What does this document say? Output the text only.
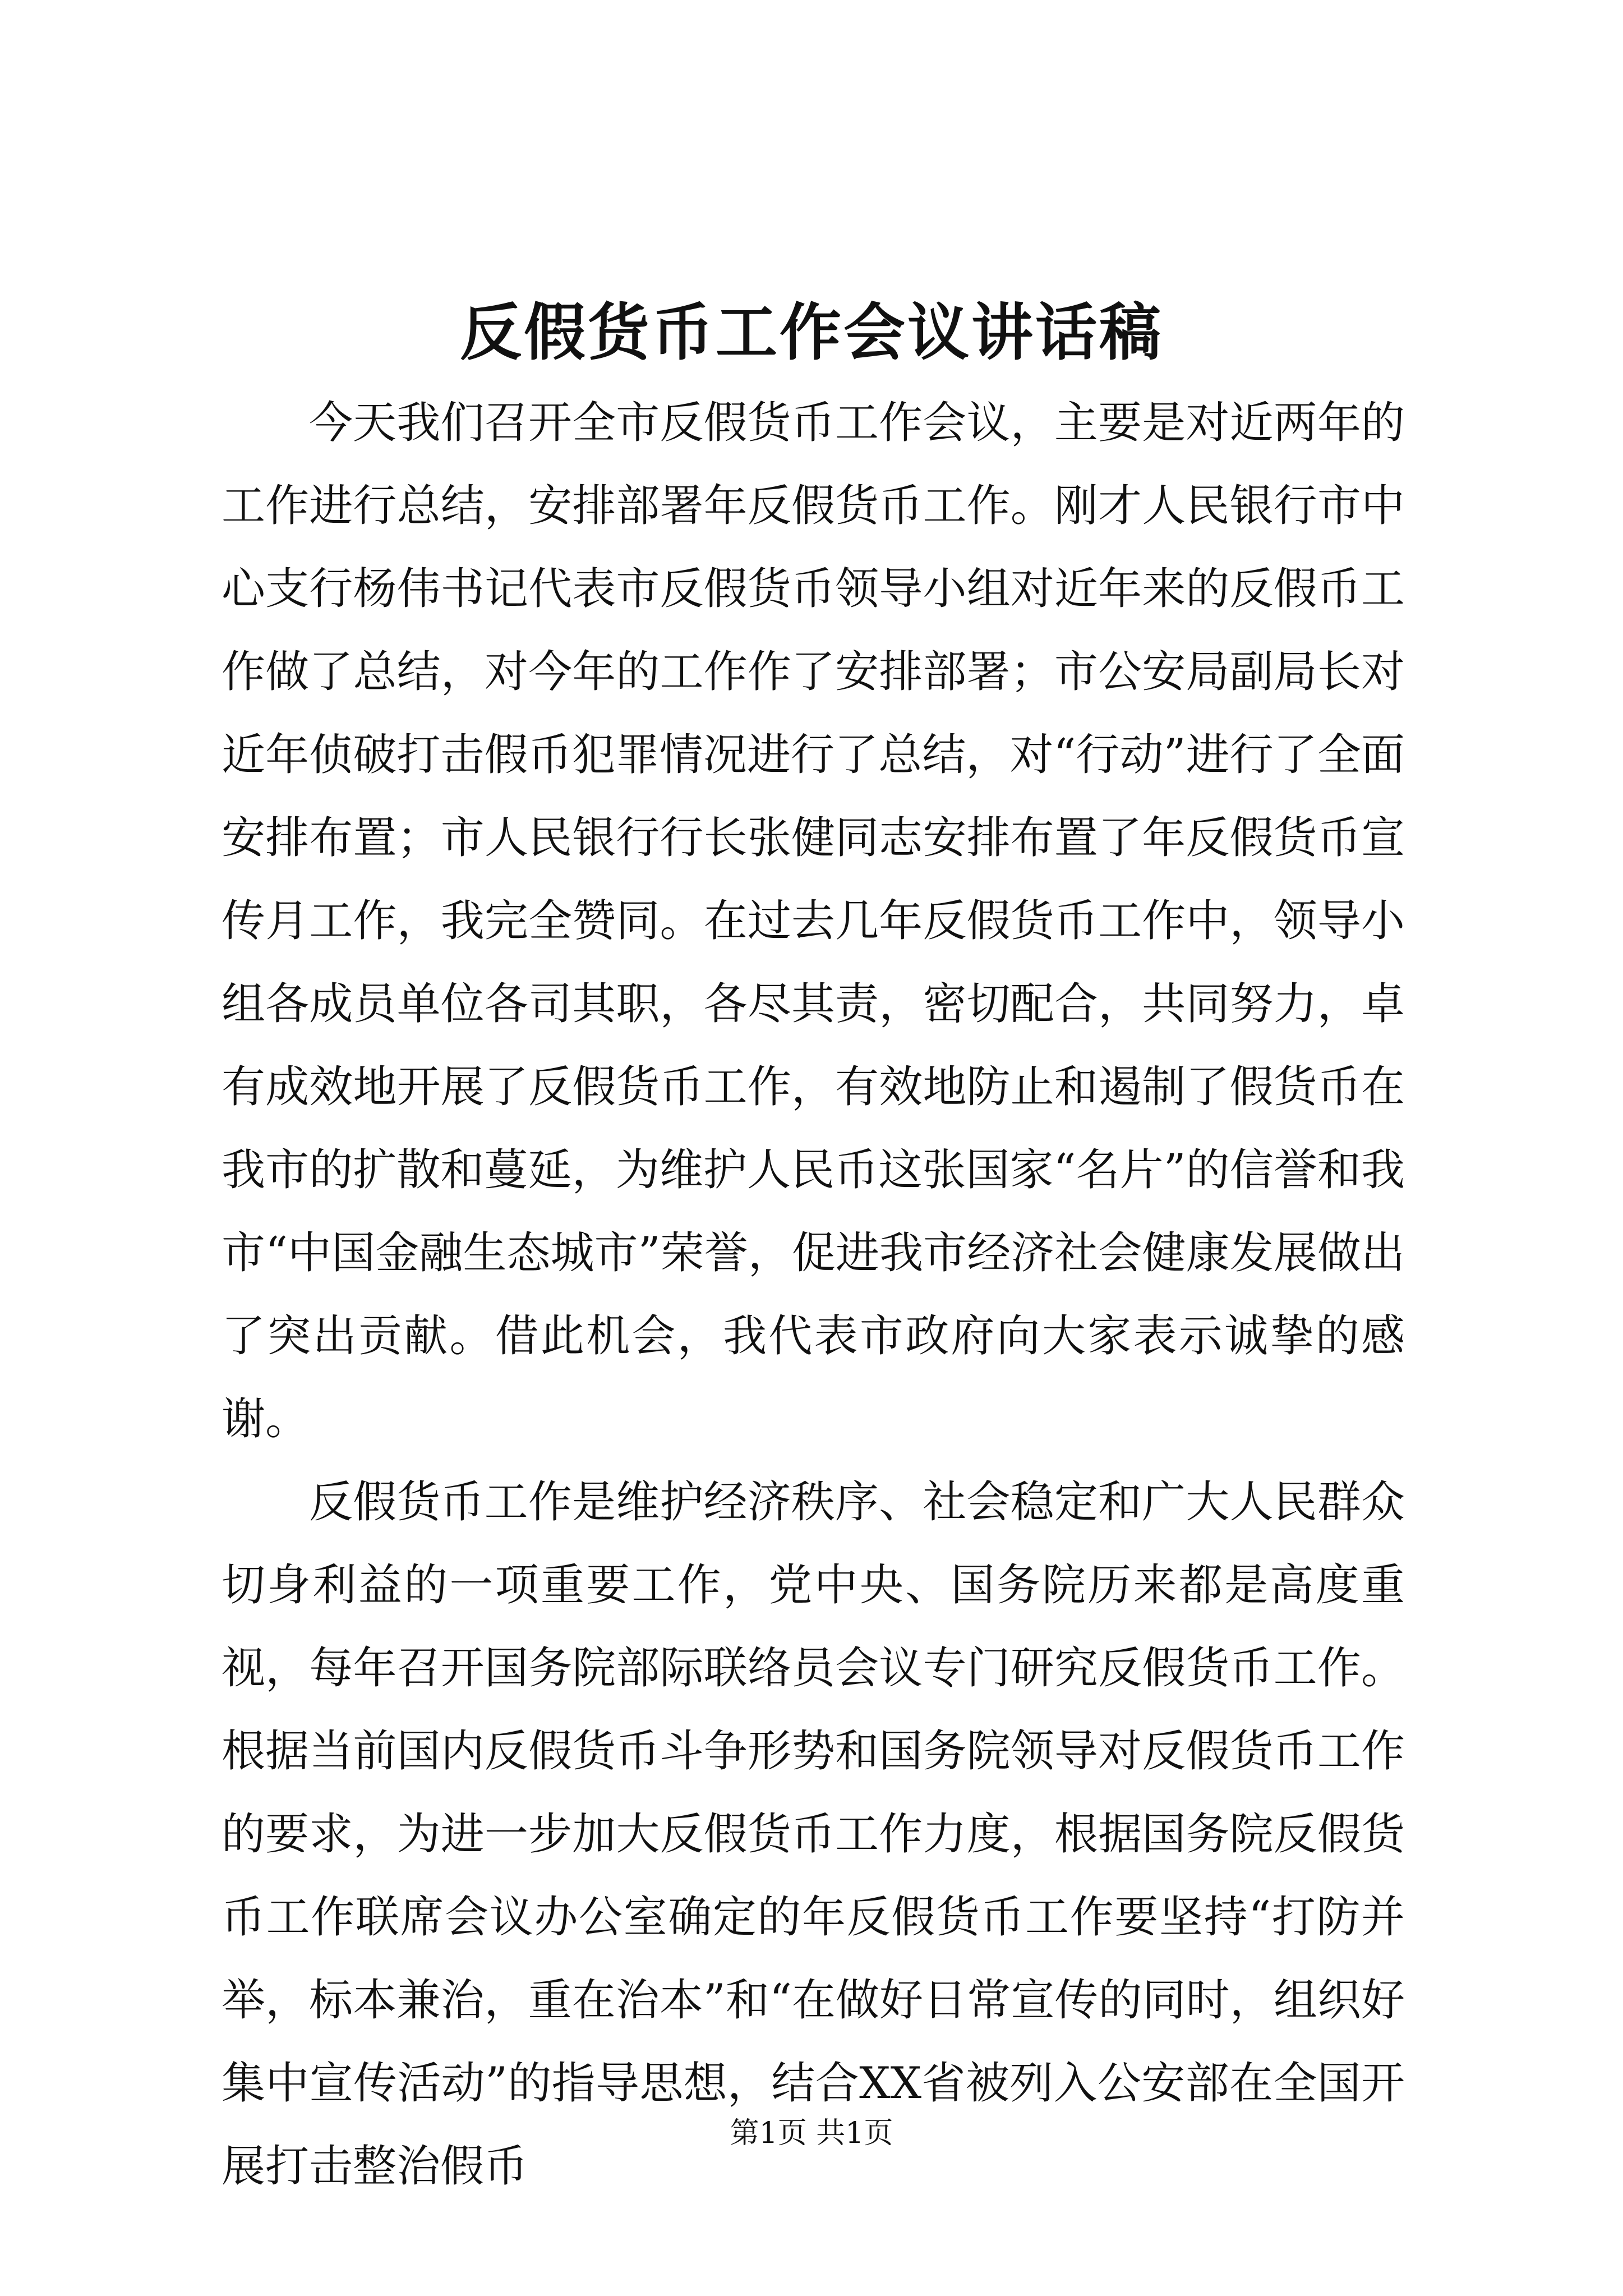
反假货币工作会议讲话稿

今天我们召开全市反假货币工作会议，主要是对近两年的工作进行总结，安排部署年反假货币工作。刚才人民银行市中心支行杨伟书记代表市反假货币领导小组对近年来的反假币工作做了总结，对今年的工作作了安排部署；市公安局副局长对近年侦破打击假币犯罪情况进行了总结，对“行动”进行了全面安排布置；市人民银行行长张健同志安排布置了年反假货币宣传月工作，我完全赞同。在过去几年反假货币工作中，领导小组各成员单位各司其职，各尽其责，密切配合，共同努力，卓有成效地开展了反假货币工作，有效地防止和遏制了假货币在我市的扩散和蔓延，为维护人民币这张国家“名片”的信誉和我市“中国金融生态城市”荣誉，促进我市经济社会健康发展做出了突出贡献。借此机会，我代表市政府向大家表示诚挚的感谢。

反假货币工作是维护经济秩序、社会稳定和广大人民群众切身利益的一项重要工作，党中央、国务院历来都是高度重视，每年召开国务院部际联络员会议专门研究反假货币工作。根据当前国内反假货币斗争形势和国务院领导对反假货币工作的要求，为进一步加大反假货币工作力度，根据国务院反假货币工作联席会议办公室确定的年反假货币工作要坚持“打防并举，标本兼治，重在治本”和“在做好日常宣传的同时，组织好集中宣传活动”的指导思想，结合XX省被列入公安部在全国开展打击整治假币

第1页 共1页
